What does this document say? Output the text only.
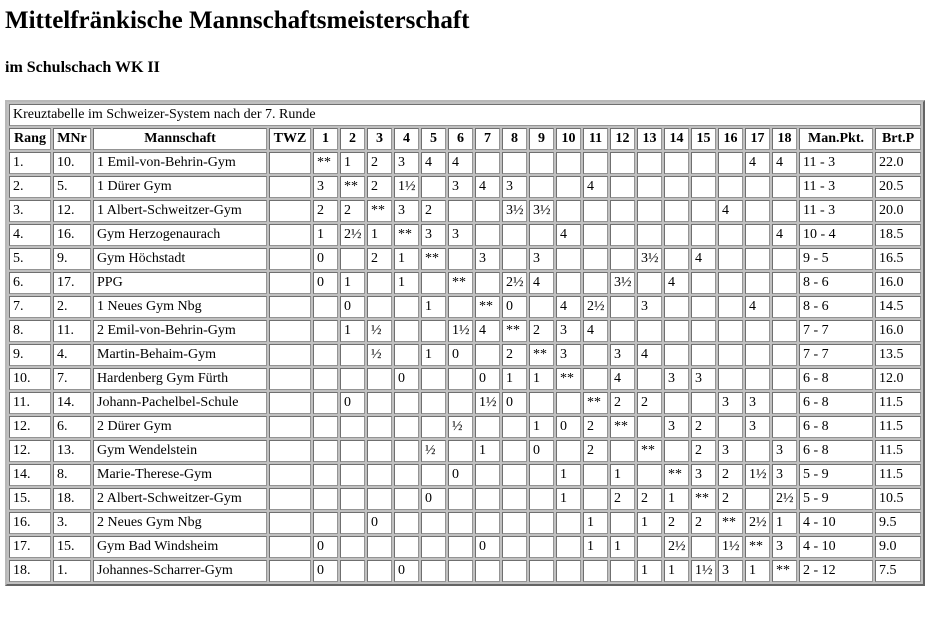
Mittelfränkische Mannschaftsmeisterschaft
im Schulschach WK II
Kreuztabelle im Schweizer-System nach der 7. Runde																							
Rang	MNr	Mannschaft	TWZ	1	2	3	4	5	6	7	8	9	10	11	12	13	14	15	16	17	18	Man.Pkt.	Brt.P
1.	10.	1 Emil-von-Behrin-Gym		**	1	2	3	4	4											4	4	11 - 3	22.0
2.	5.	1 Dürer Gym		3	**	2	1½		3	4	3			4								11 - 3	20.5
3.	12.	1 Albert-Schweitzer-Gym		2	2	**	3	2			3½	3½							4			11 - 3	20.0
4.	16.	Gym Herzogenaurach		1	2½	1	**	3	3				4								4	10 - 4	18.5
5.	9.	Gym Höchstadt		0		2	1	**		3		3				3½		4				9 - 5	16.5
6.	17.	PPG		0	1		1		**		2½	4			3½		4					8 - 6	16.0
7.	2.	1 Neues Gym Nbg			0			1		**	0		4	2½		3				4		8 - 6	14.5
8.	11.	2 Emil-von-Behrin-Gym			1	½			1½	4	**	2	3	4								7 - 7	16.0
9.	4.	Martin-Behaim-Gym				½		1	0		2	**	3		3	4						7 - 7	13.5
10.	7.	Hardenberg Gym Fürth					0			0	1	1	**		4		3	3				6 - 8	12.0
11.	14.	Johann-Pachelbel-Schule			0					1½	0			**	2	2			3	3		6 - 8	11.5
12.	6.	2 Dürer Gym							½			1	0	2	**		3	2		3		6 - 8	11.5
12.	13.	Gym Wendelstein						½		1		0		2		**		2	3		3	6 - 8	11.5
14.	8.	Marie-Therese-Gym							0				1		1		**	3	2	1½	3	5 - 9	11.5
15.	18.	2 Albert-Schweitzer-Gym						0					1		2	2	1	**	2		2½	5 - 9	10.5
16.	3.	2 Neues Gym Nbg				0								1		1	2	2	**	2½	1	4 - 10	9.5
17.	15.	Gym Bad Windsheim		0						0				1	1		2½		1½	**	3	4 - 10	9.0
18.	1.	Johannes-Scharrer-Gym		0			0									1	1	1½	3	1	**	2 - 12	7.5
